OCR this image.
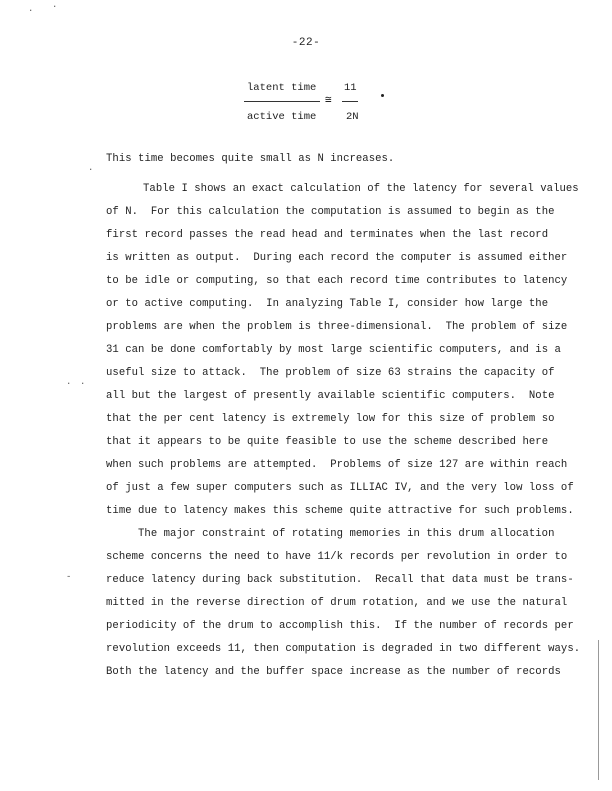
-22-
latent time	11
≅
active time	2N
This time becomes quite small as N increases.
Table I shows an exact calculation of the latency for several values
of N.  For this calculation the computation is assumed to begin as the
first record passes the read head and terminates when the last record
is written as output.  During each record the computer is assumed either
to be idle or computing, so that each record time contributes to latency
or to active computing.  In analyzing Table I, consider how large the
problems are when the problem is three-dimensional.  The problem of size
31 can be done comfortably by most large scientific computers, and is a
useful size to attack.  The problem of size 63 strains the capacity of
all but the largest of presently available scientific computers.  Note
that the per cent latency is extremely low for this size of problem so
that it appears to be quite feasible to use the scheme described here
when such problems are attempted.  Problems of size 127 are within reach
of just a few super computers such as ILLIAC IV, and the very low loss of
time due to latency makes this scheme quite attractive for such problems.
The major constraint of rotating memories in this drum allocation
scheme concerns the need to have 11/k records per revolution in order to
reduce latency during back substitution.  Recall that data must be trans-
mitted in the reverse direction of drum rotation, and we use the natural
periodicity of the drum to accomplish this.  If the number of records per
revolution exceeds 11, then computation is degraded in two different ways.
Both the latency and the buffer space increase as the number of records
· ·
·
· ·
-
